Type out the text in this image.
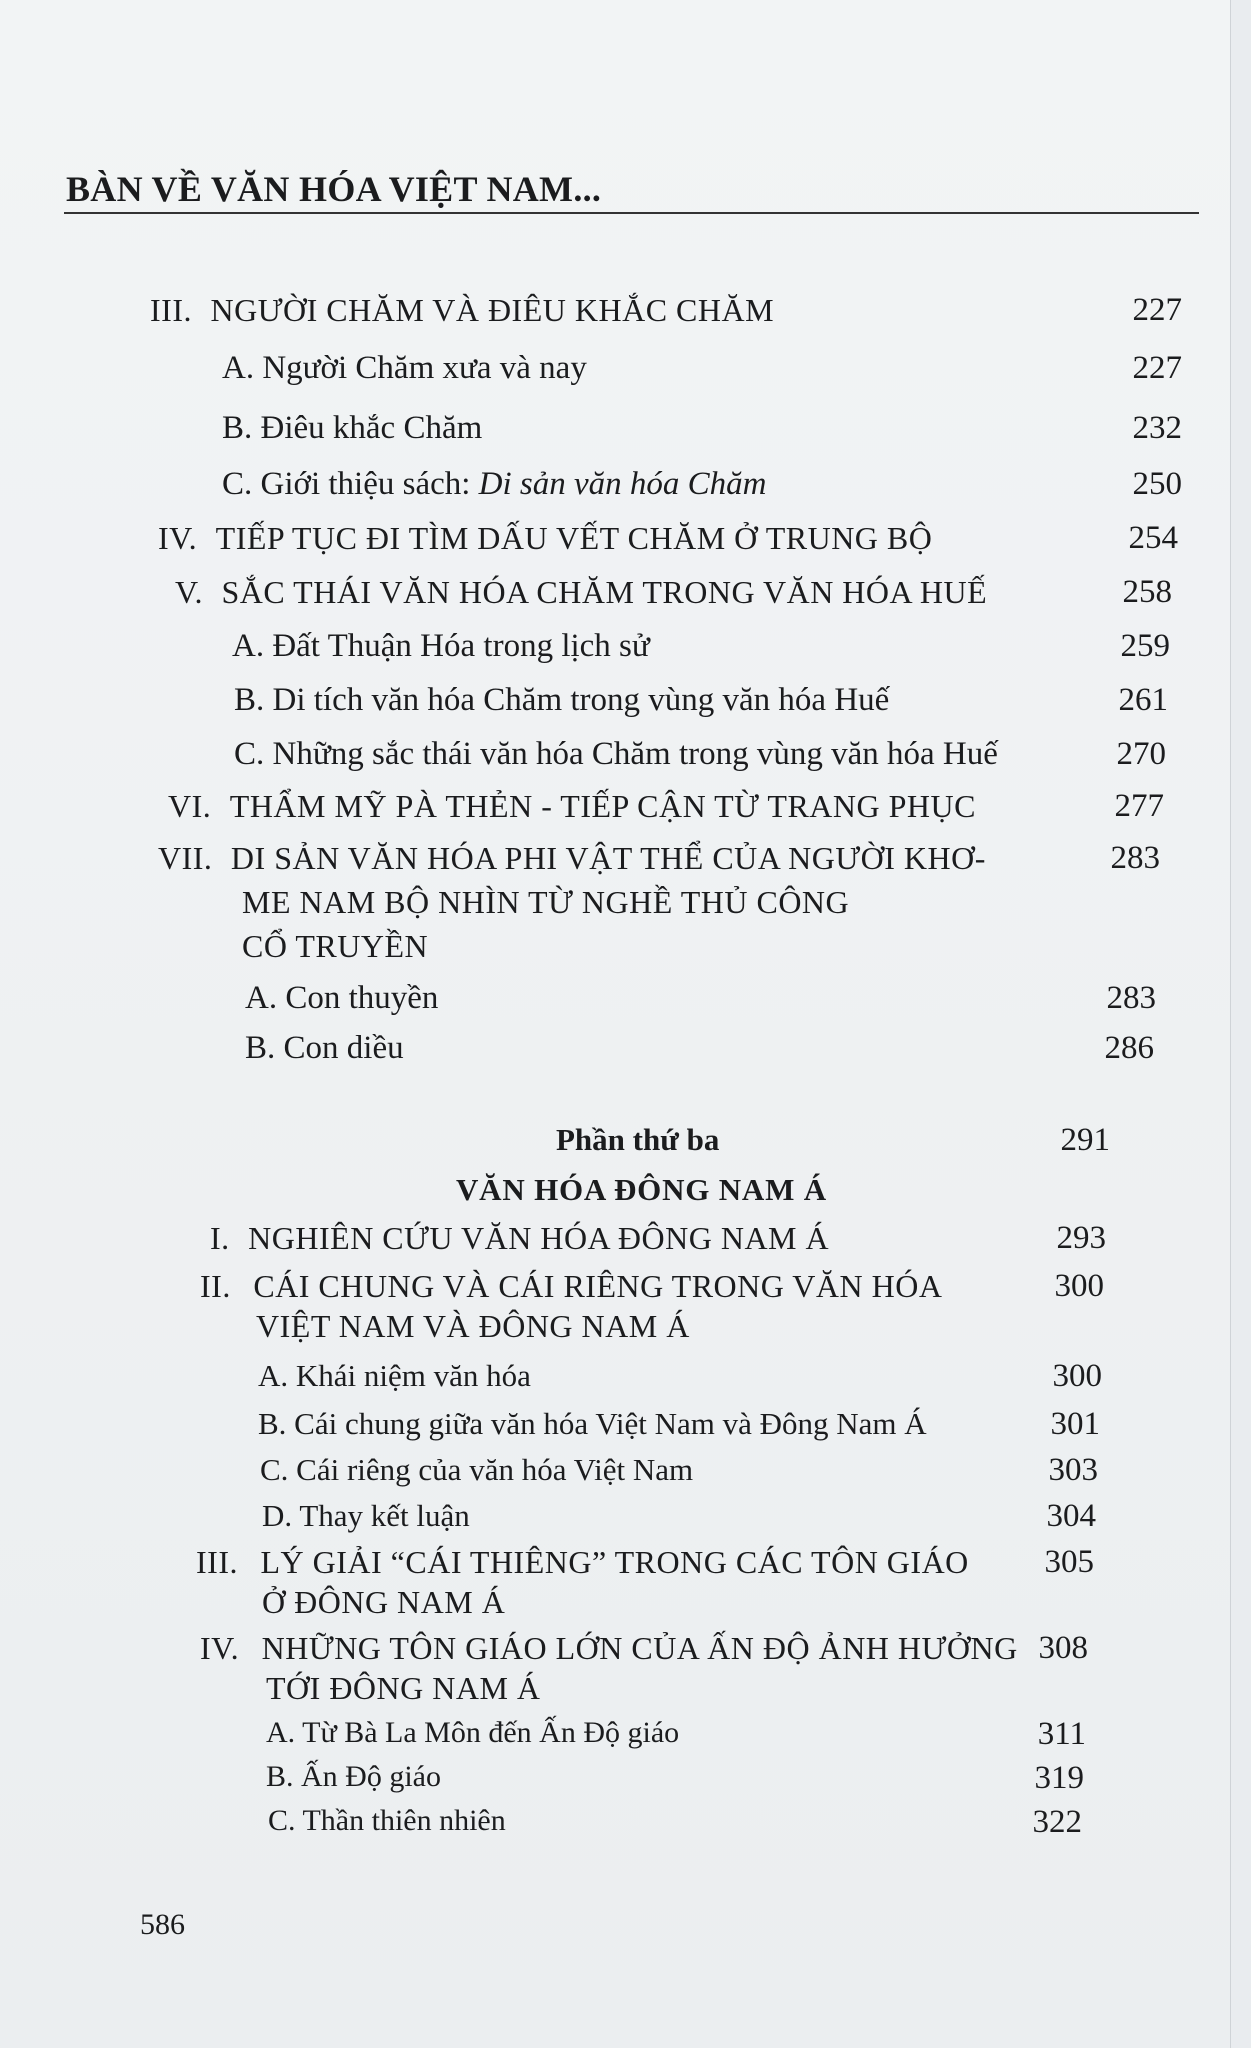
BÀN VỀ VĂN HÓA VIỆT NAM...
III. NGƯỜI CHĂM VÀ ĐIÊU KHẮC CHĂM	227
A. Người Chăm xưa và nay	227
B. Điêu khắc Chăm	232
C. Giới thiệu sách: Di sản văn hóa Chăm	250
IV. TIẾP TỤC ĐI TÌM DẤU VẾT CHĂM Ở TRUNG BỘ	254
V. SẮC THÁI VĂN HÓA CHĂM TRONG VĂN HÓA HUẾ	258
A. Đất Thuận Hóa trong lịch sử	259
B. Di tích văn hóa Chăm trong vùng văn hóa Huế	261
C. Những sắc thái văn hóa Chăm trong vùng văn hóa Huế	270
VI. THẨM MỸ PÀ THẺN - TIẾP CẬN TỪ TRANG PHỤC	277
VII. DI SẢN VĂN HÓA PHI VẬT THỂ CỦA NGƯỜI KHƠ-	283
ME NAM BỘ NHÌN TỪ NGHỀ THỦ CÔNG
CỔ TRUYỀN
A. Con thuyền	283
B. Con diều	286
Phần thứ ba	291
VĂN HÓA ĐÔNG NAM Á
I. NGHIÊN CỨU VĂN HÓA ĐÔNG NAM Á	293
II. CÁI CHUNG VÀ CÁI RIÊNG TRONG VĂN HÓA	300
VIỆT NAM VÀ ĐÔNG NAM Á
A. Khái niệm văn hóa	300
B. Cái chung giữa văn hóa Việt Nam và Đông Nam Á	301
C. Cái riêng của văn hóa Việt Nam	303
D. Thay kết luận	304
III. LÝ GIẢI “CÁI THIÊNG” TRONG CÁC TÔN GIÁO	305
Ở ĐÔNG NAM Á
IV. NHỮNG TÔN GIÁO LỚN CỦA ẤN ĐỘ ẢNH HƯỞNG 308
TỚI ĐÔNG NAM Á
A. Từ Bà La Môn đến Ấn Độ giáo	311
B. Ấn Độ giáo	319
C. Thần thiên nhiên	322
586
